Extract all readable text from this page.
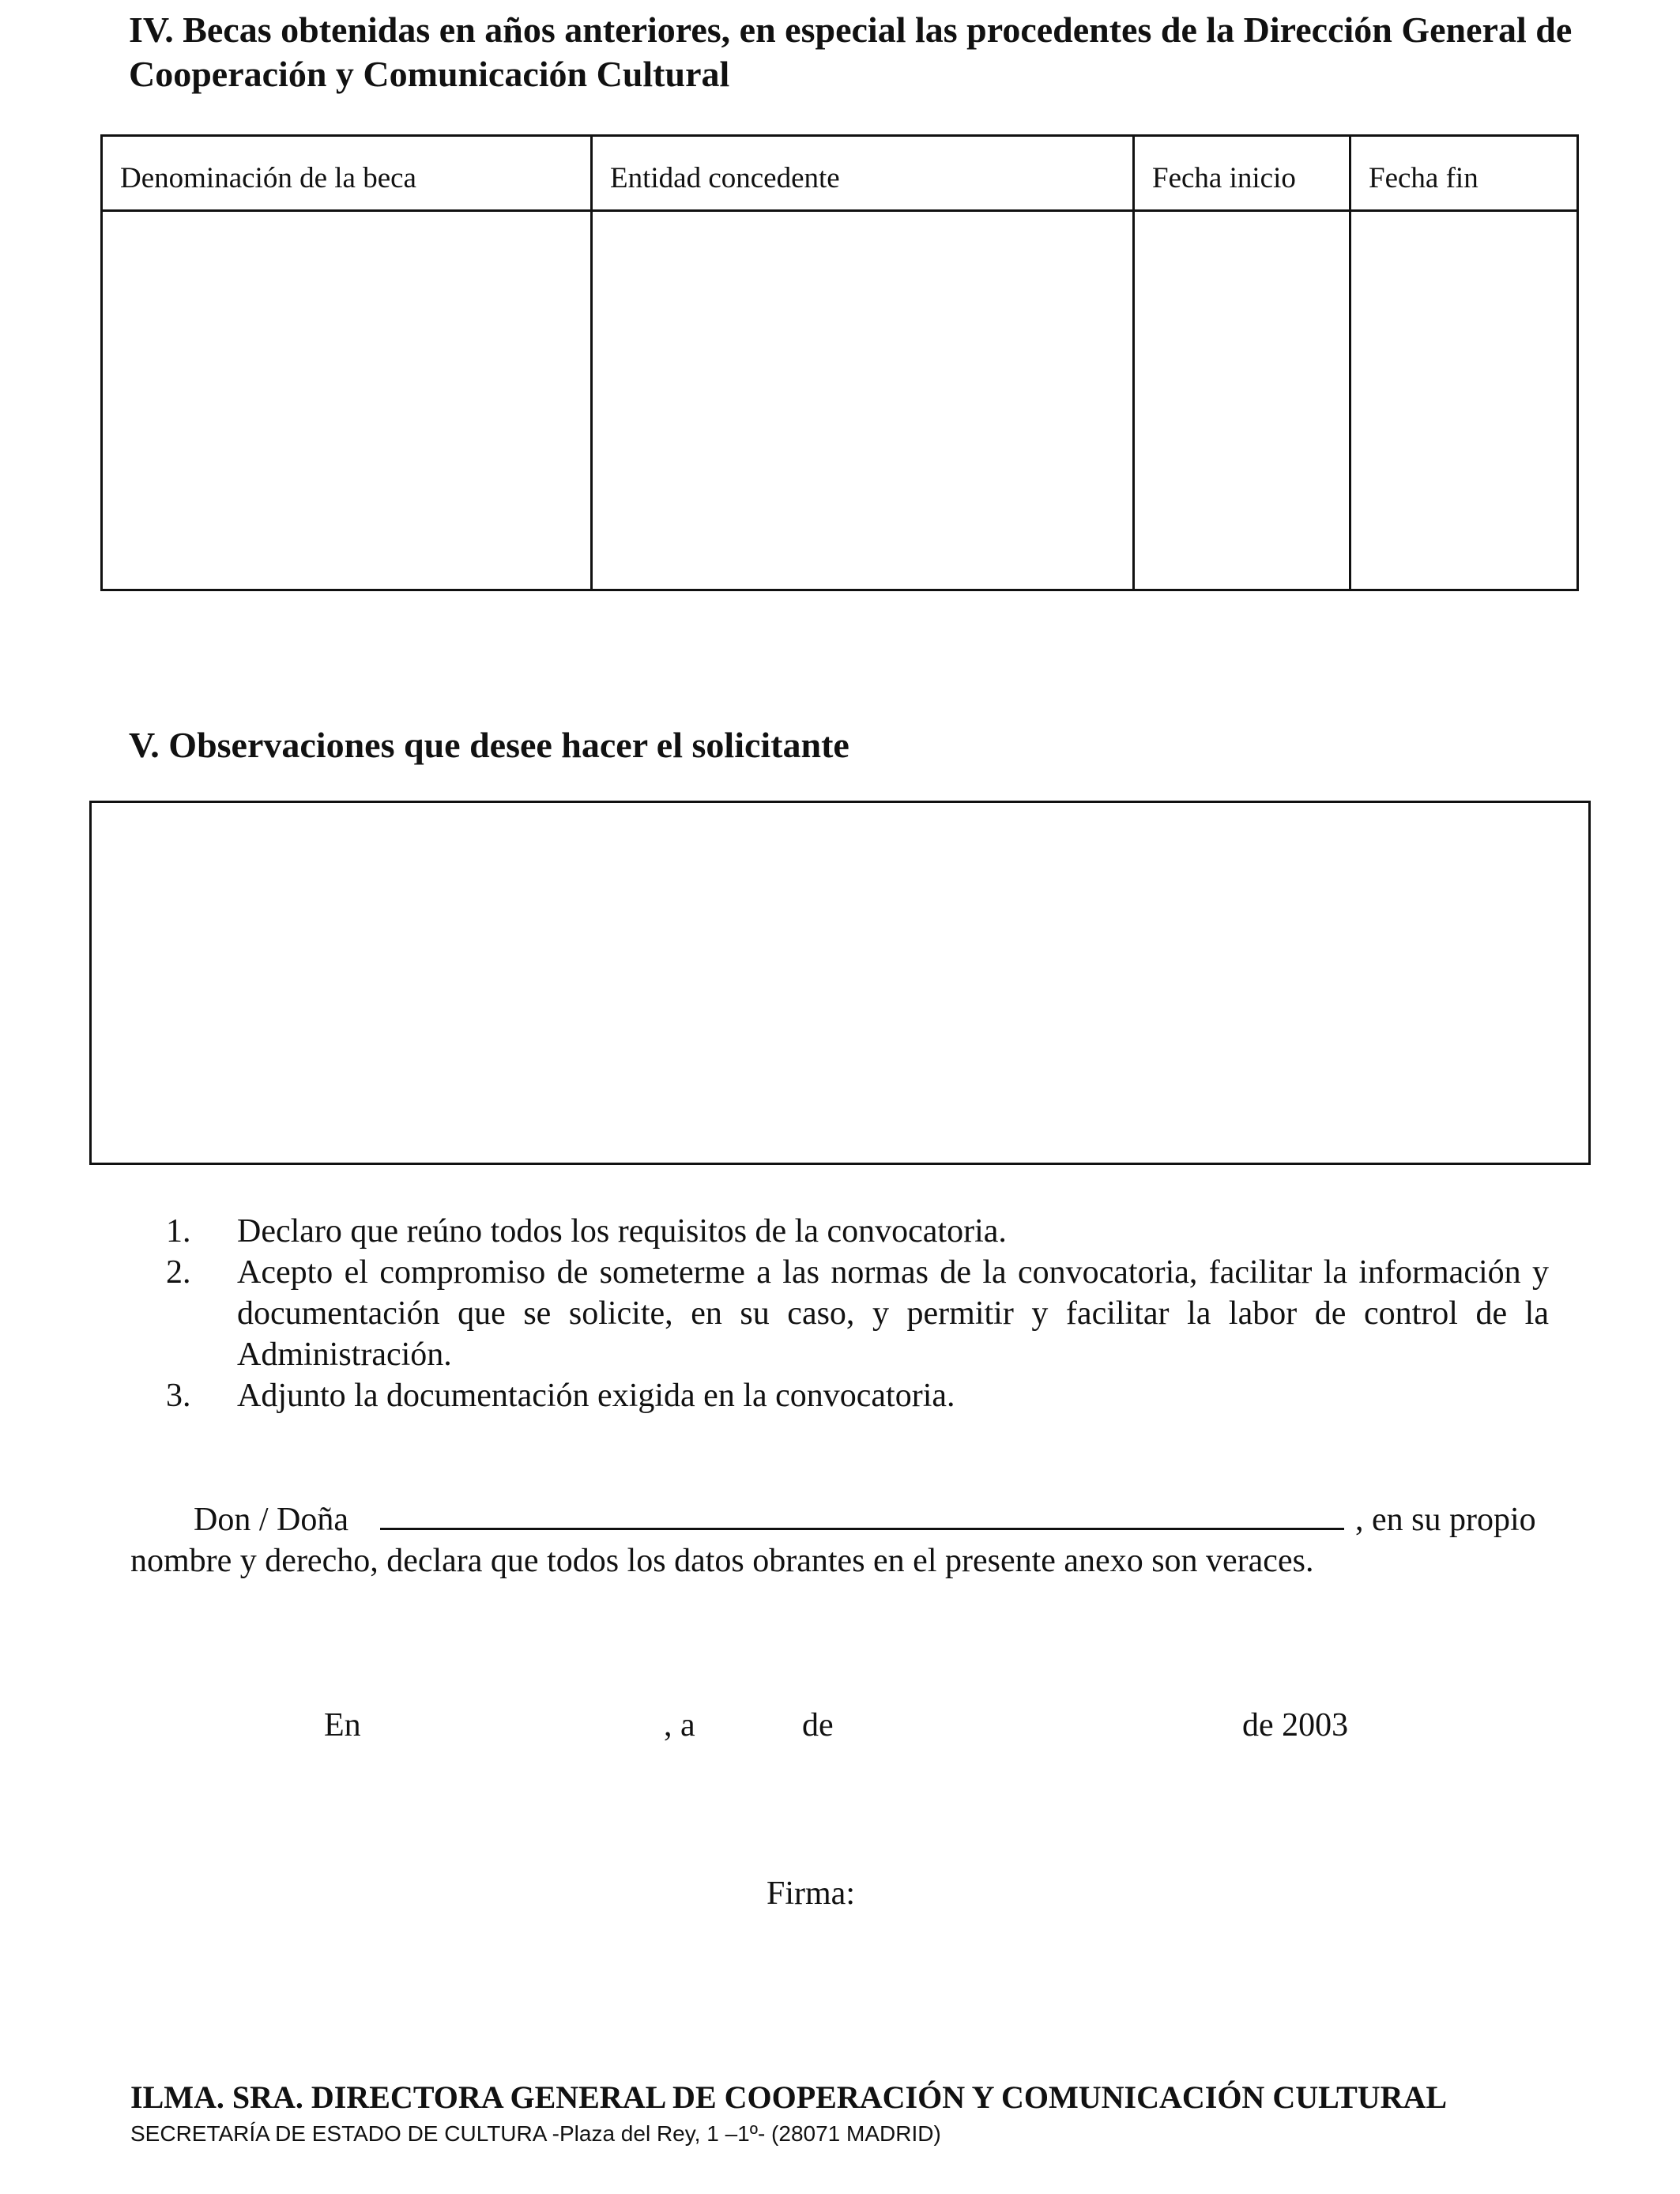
IV. Becas obtenidas en años anteriores, en especial las procedentes de la Dirección General de
Cooperación y Comunicación Cultural
Denominación de la beca	Entidad concedente	Fecha inicio	Fecha fin

V. Observaciones que desee hacer el solicitante
1.	Declaro que reúno todos los requisitos de la convocatoria.
2.	Acepto el compromiso de someterme a las normas de la convocatoria, facilitar la información y documentación que se solicite, en su caso, y permitir y facilitar la labor de control de la Administración.
3.	Adjunto la documentación exigida en la convocatoria.
Don / Doña	, en su propio
nombre y derecho, declara que todos los datos obrantes en el presente anexo son veraces.
En	, a	de	de 2003
Firma:
ILMA. SRA. DIRECTORA GENERAL DE COOPERACIÓN Y COMUNICACIÓN CULTURAL
SECRETARÍA DE ESTADO DE CULTURA -Plaza del Rey, 1 –1º- (28071 MADRID)
